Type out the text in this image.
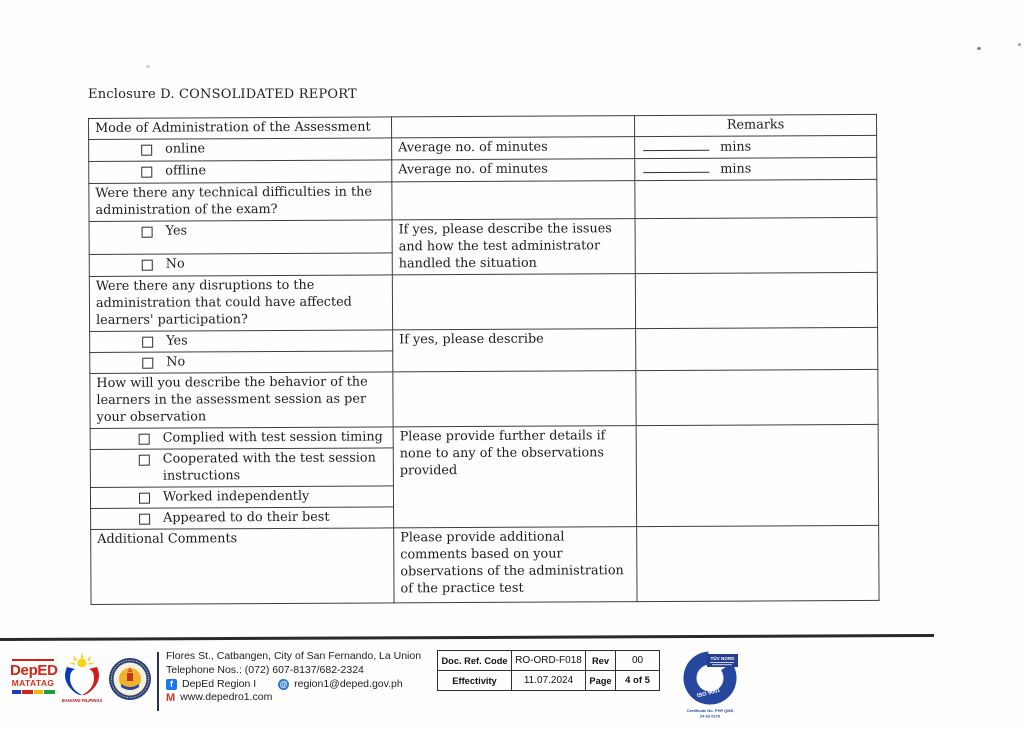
Enclosure D. CONSOLIDATED REPORT
Mode of Administration of the Assessment		Remarks

online	Average no. of minutes	mins

offline	Average no. of minutes	mins
Were there any technical difficulties in the administration of the exam?		

Yes	If yes, please describe the issues and how the test administrator handled the situation	

No		

Were there any disruptions to the administration that could have affected learners' participation?		

Yes	If yes, please describe	

No		

How will you describe the behavior of the learners in the assessment session as per your observation		

Complied with test session timing	Please provide further details if none to any of the observations provided	

Cooperated with the test session instructions		

Worked independently		

Appeared to do their best		

Additional Comments	Please provide additional comments based on your observations of the administration of the practice test	
DepED
MATATAG
BAGONG PILIPINAS
Flores St., Catbangen, City of San Fernando, La Union
Telephone Nos.: (072) 607-8137/682-2324
f DepEd Region I	@ region1@deped.gov.ph
M www.depedro1.com
Doc. Ref. Code	RO-ORD-F018	Rev	00
Effectivity	11.07.2024	Page	4 of 5
TÜV NORD
ISO 9001
Certificate No. PHP QMS
24 93 0179
